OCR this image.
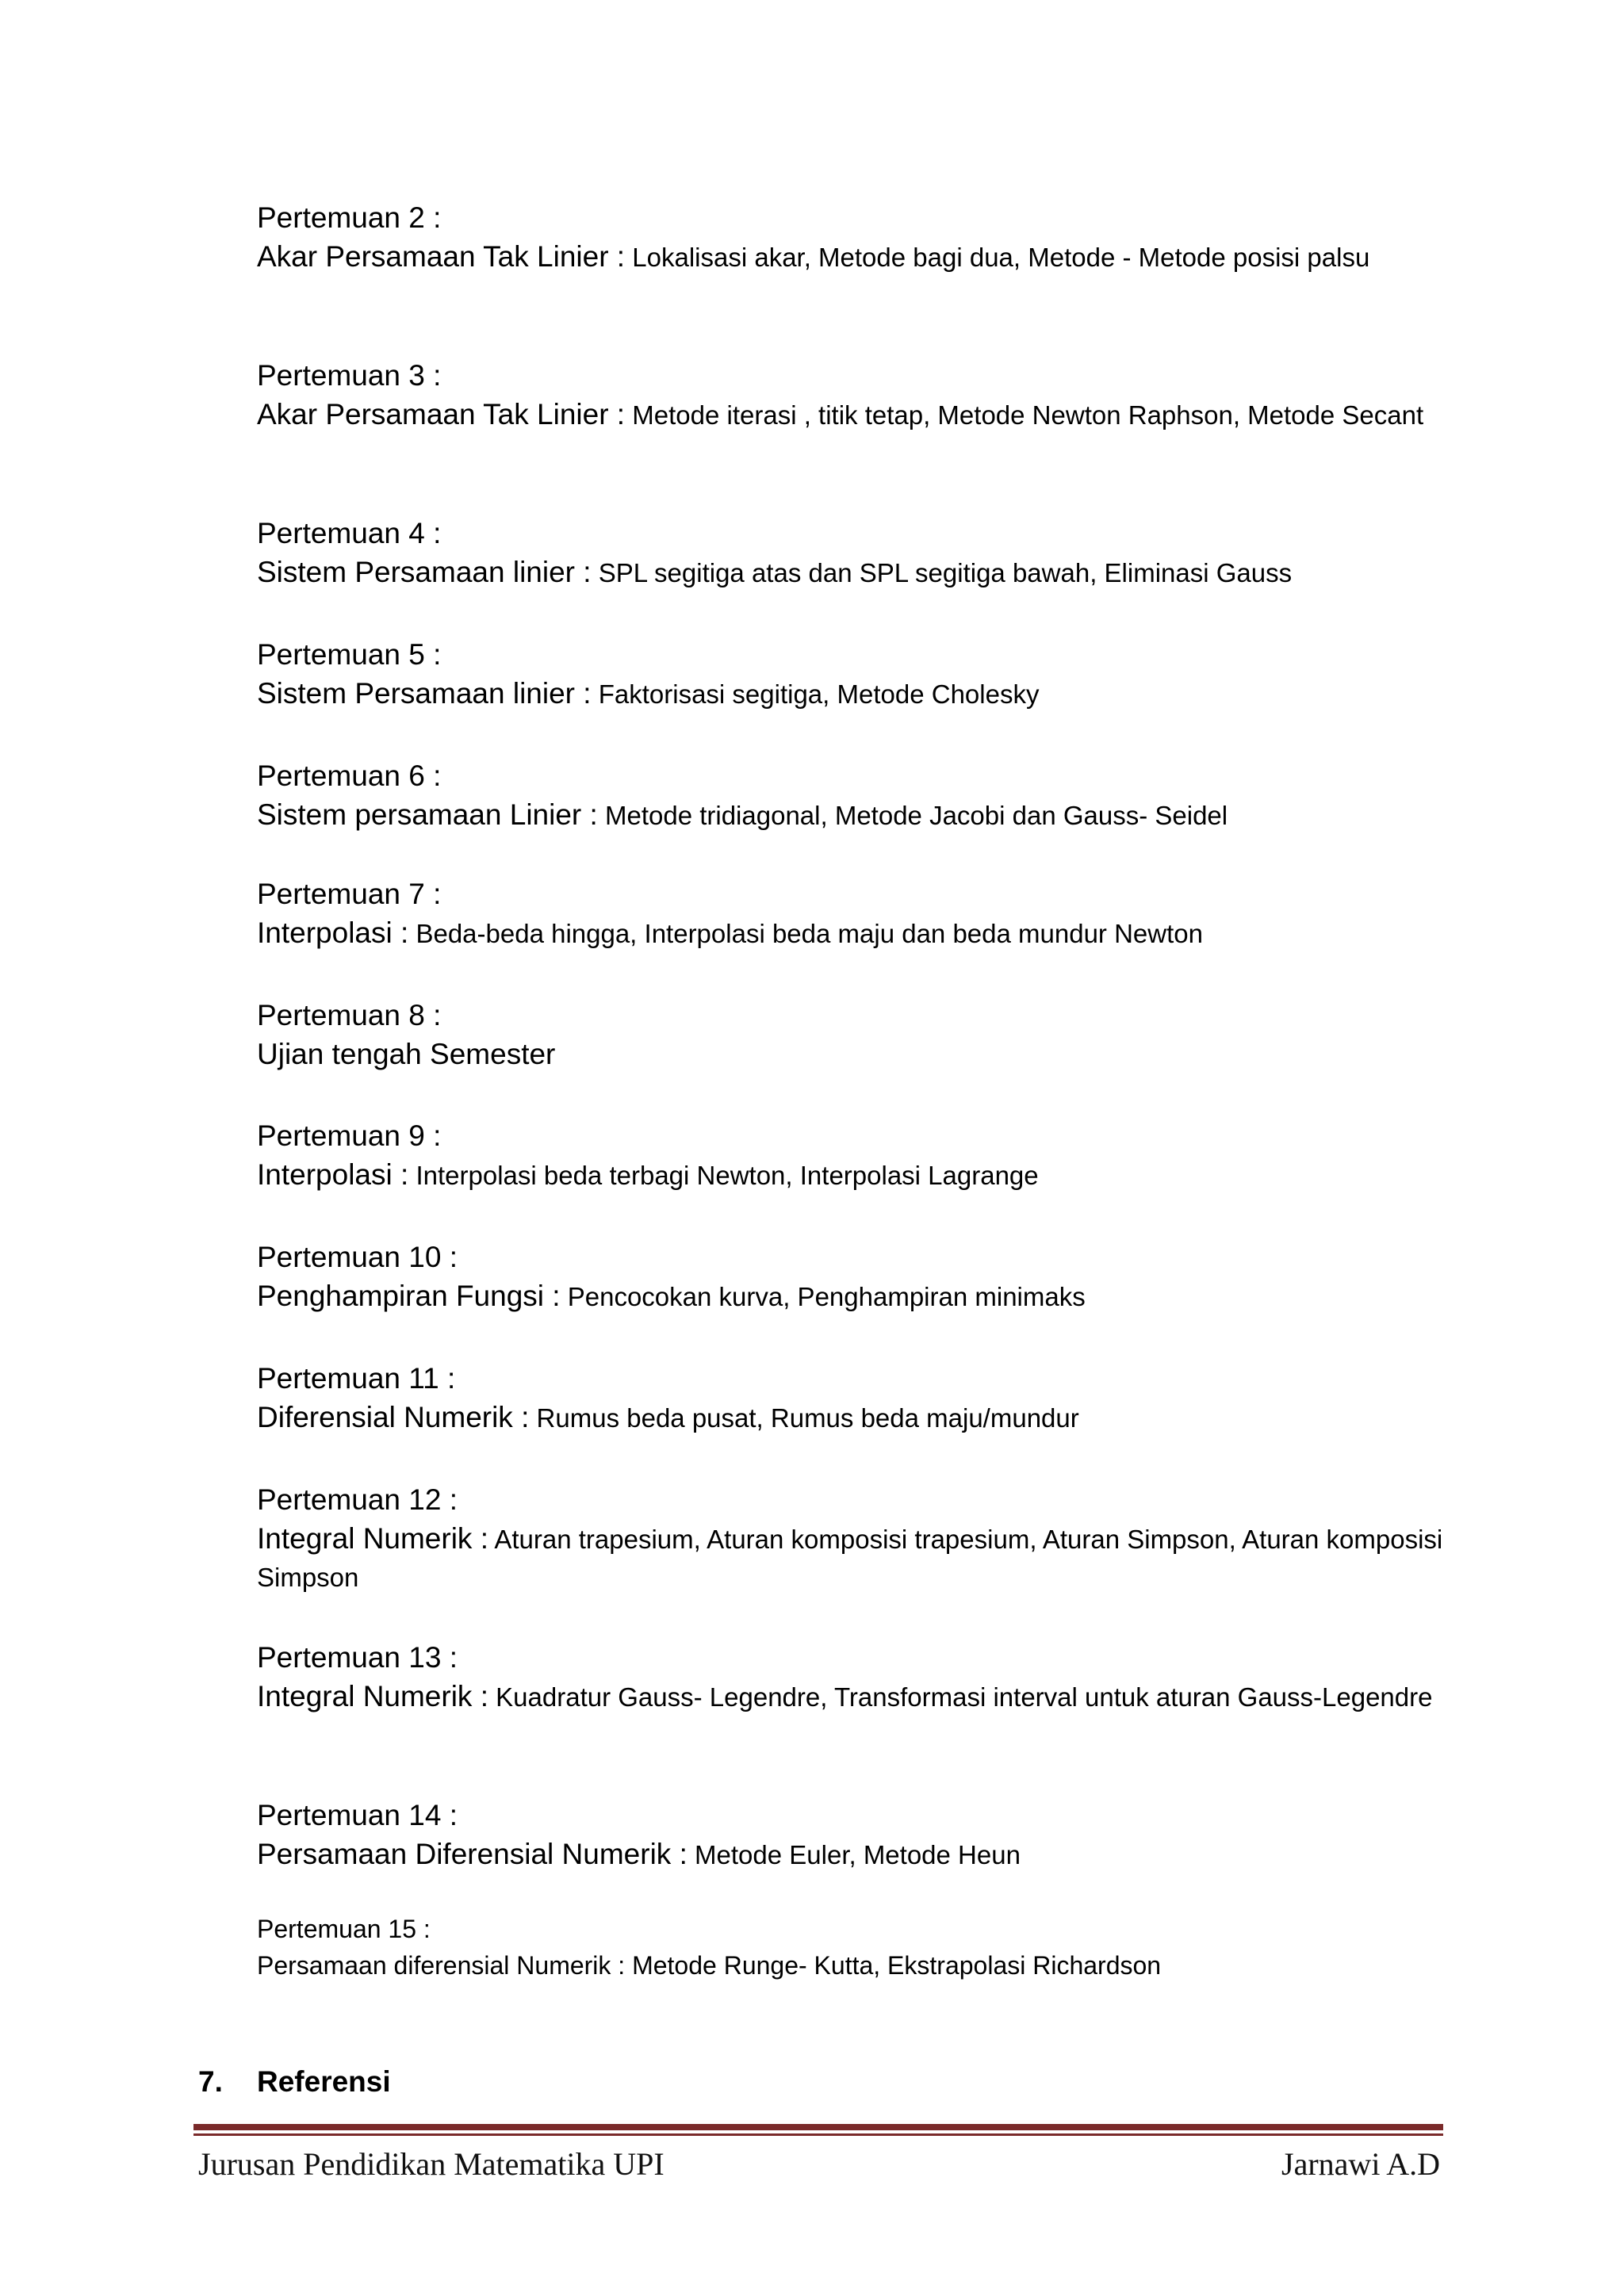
Pertemuan 2 :
Akar Persamaan Tak Linier : Lokalisasi akar, Metode bagi dua, Metode - Metode posisi palsu
Pertemuan 3 :
Akar Persamaan Tak Linier : Metode iterasi , titik tetap, Metode Newton Raphson, Metode Secant
Pertemuan 4 :
Sistem Persamaan linier : SPL segitiga atas dan SPL segitiga bawah, Eliminasi Gauss
Pertemuan 5 :
Sistem Persamaan linier : Faktorisasi segitiga, Metode Cholesky
Pertemuan 6 :
Sistem persamaan Linier : Metode tridiagonal, Metode Jacobi dan Gauss- Seidel
Pertemuan 7 :
Interpolasi : Beda-beda hingga, Interpolasi beda maju dan beda mundur Newton
Pertemuan 8 :
Ujian tengah Semester
Pertemuan 9 :
Interpolasi : Interpolasi beda terbagi Newton, Interpolasi Lagrange
Pertemuan 10 :
Penghampiran Fungsi : Pencocokan kurva, Penghampiran minimaks
Pertemuan 11 :
Diferensial Numerik : Rumus beda pusat, Rumus beda maju/mundur
Pertemuan 12 :
Integral Numerik : Aturan trapesium, Aturan komposisi trapesium, Aturan Simpson, Aturan komposisi Simpson
Pertemuan 13 :
Integral Numerik : Kuadratur Gauss- Legendre, Transformasi interval untuk aturan Gauss-Legendre
Pertemuan 14 :
Persamaan Diferensial Numerik : Metode Euler, Metode Heun
Pertemuan 15 :
Persamaan diferensial Numerik : Metode Runge- Kutta, Ekstrapolasi Richardson
7. Referensi
Jurusan Pendidikan Matematika UPI	Jarnawi A.D
